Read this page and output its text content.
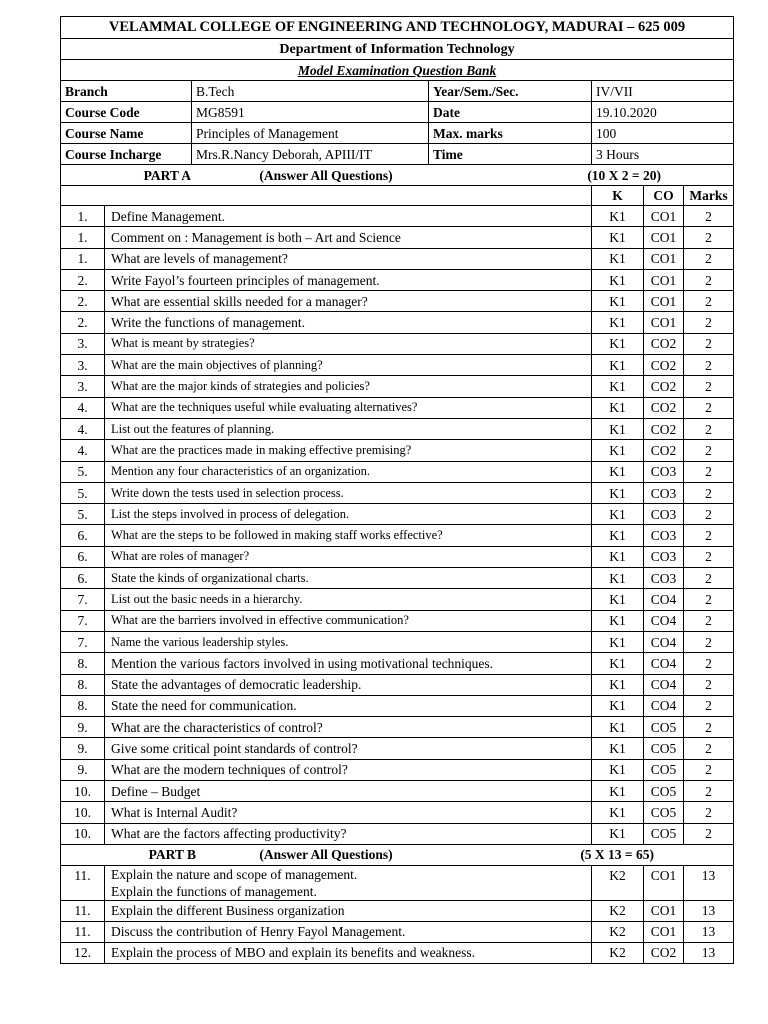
VELAMMAL COLLEGE OF ENGINEERING AND TECHNOLOGY, MADURAI – 625 009						
Department of Information Technology						
Model Examination Question Bank						
Branch		B.Tech	Year/Sem./Sec.	IV/VII		
Course Code		MG8591	Date	19.10.2020		
Course Name		Principles of Management	Max. marks	100		
Course Incharge		Mrs.R.Nancy Deborah, APIII/IT	Time	3 Hours		

PART A (Answer All Questions) (10 X 2 = 20)						

				K	CO	Marks
1.	Define Management.			K1	CO1	2
1.	Comment on : Management is both – Art and Science			K1	CO1	2
1.	What are levels of management?			K1	CO1	2
2.	Write Fayol’s fourteen principles of management.			K1	CO1	2
2.	What are essential skills needed for a manager?			K1	CO1	2
2.	Write the functions of management.			K1	CO1	2
3.	What is meant by strategies?			K1	CO2	2
3.	What are the main objectives of planning?			K1	CO2	2
3.	What are the major kinds of strategies and policies?			K1	CO2	2
4.	What are the techniques useful while evaluating alternatives?			K1	CO2	2
4.	List out the features of planning.			K1	CO2	2
4.	What are the practices made in making effective premising?			K1	CO2	2
5.	Mention any four characteristics of an organization.			K1	CO3	2
5.	Write down the tests used in selection process.			K1	CO3	2
5.	List the steps involved in process of delegation.			K1	CO3	2
6.	What are the steps to be followed in making staff works effective?			K1	CO3	2
6.	What are roles of manager?			K1	CO3	2
6.	State the kinds of organizational charts.			K1	CO3	2
7.	List out the basic needs in a hierarchy.			K1	CO4	2
7.	What are the barriers involved in effective communication?			K1	CO4	2
7.	Name the various leadership styles.			K1	CO4	2
8.	Mention the various factors involved in using motivational techniques.			K1	CO4	2
8.	State the advantages of democratic leadership.			K1	CO4	2
8.	State the need for communication.			K1	CO4	2
9.	What are the characteristics of control?			K1	CO5	2
9.	Give some critical point standards of control?			K1	CO5	2
9.	What are the modern techniques of control?			K1	CO5	2
10.	Define – Budget			K1	CO5	2
10.	What is Internal Audit?			K1	CO5	2
10.	What are the factors affecting productivity?			K1	CO5	2

PART B (Answer All Questions) (5 X 13 = 65)						

11.	Explain the nature and scope of management.
Explain the functions of management.			K2	CO1	13
11.	Explain the different Business organization			K2	CO1	13
11.	Discuss the contribution of Henry Fayol Management.			K2	CO1	13
12.	Explain the process of MBO and explain its benefits and weakness.			K2	CO2	13
